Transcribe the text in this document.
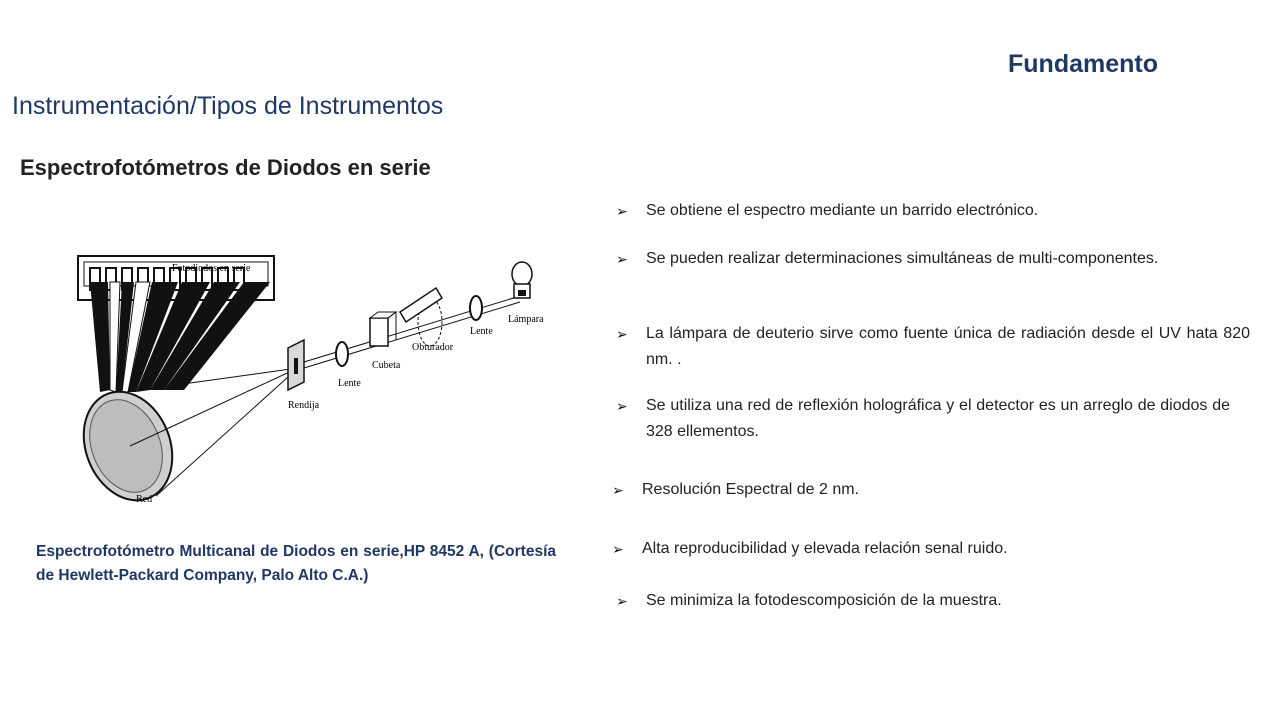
Fundamento
Instrumentación/Tipos de Instrumentos
Espectrofotómetros de Diodos en serie
Fotodiodos en serie
Red
Rendija
Lente
Cubeta
Obturador
Lente
Lámpara
Espectrofotómetro Multicanal de Diodos en serie,HP 8452 A, (Cortesía de Hewlett-Packard Company, Palo Alto C.A.)
➢	Se obtiene el espectro mediante un barrido electrónico.
➢	Se pueden realizar determinaciones simultáneas de multi-componentes.
➢	La lámpara de deuterio sirve como fuente única de radiación desde el UV hata 820 nm. .
➢	Se utiliza una red de reflexión holográfica y el detector es un arreglo de diodos de 328 ellementos.
➢	Resolución Espectral de 2 nm.
➢	Alta reproducibilidad y elevada relación senal ruido.
➢	Se minimiza la fotodescomposición de la muestra.
